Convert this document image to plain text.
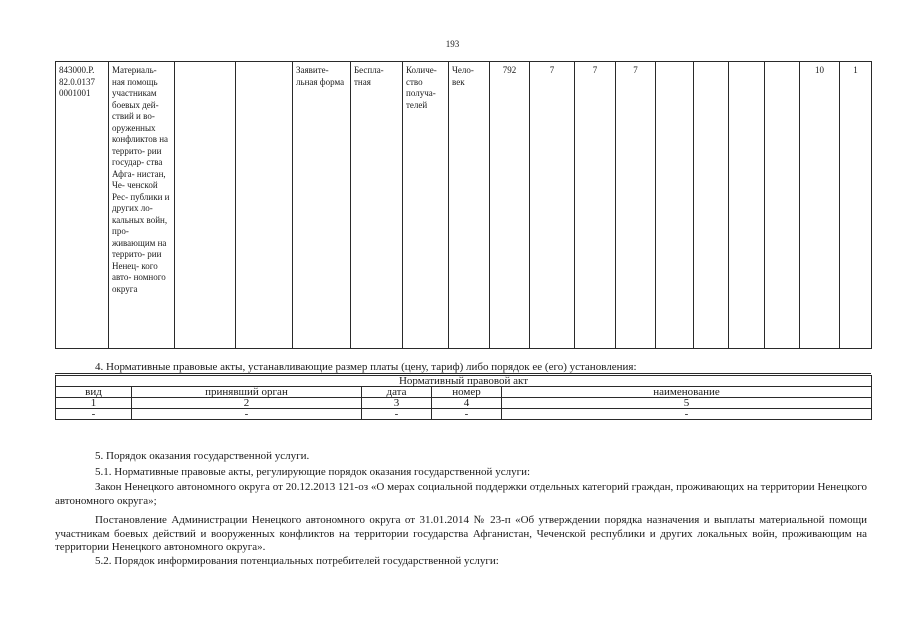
193
843000.Р. 82.0.0137 0001001	Материаль- ная помощь участникам боевых дей- ствий и во- оруженных конфликтов на террито- рии государ- ства Афга- нистан, Че- ченской Рес- публики и других ло- кальных войн, про- живающим на террито- рии Ненец- кого авто- номного округа			Заявите- льная форма	Беспла- тная	Количе- ство получа- телей	Чело- век	792	7	7	7					10	1
4. Нормативные правовые акты, устанавливающие размер платы (цену, тариф) либо порядок ее (его) установления:
Нормативный правовой акт				
вид	принявший орган	дата	номер	наименование
1	2	3	4	5
-	-	-	-	-
5. Порядок оказания государственной услуги.
5.1. Нормативные правовые акты, регулирующие порядок оказания государственной услуги:
Закон Ненецкого автономного округа от 20.12.2013 121-оз «О мерах социальной поддержки отдельных категорий граждан, проживающих на территории Ненецкого автономного округа»;
Постановление Администрации Ненецкого автономного округа от 31.01.2014 № 23-п «Об утверждении порядка назначения и выплаты материальной помощи участникам боевых действий и вооруженных конфликтов на территории государства Афганистан, Чеченской республики и других локальных войн, проживающим на территории Ненецкого автономного округа».
5.2. Порядок информирования потенциальных потребителей государственной услуги:
